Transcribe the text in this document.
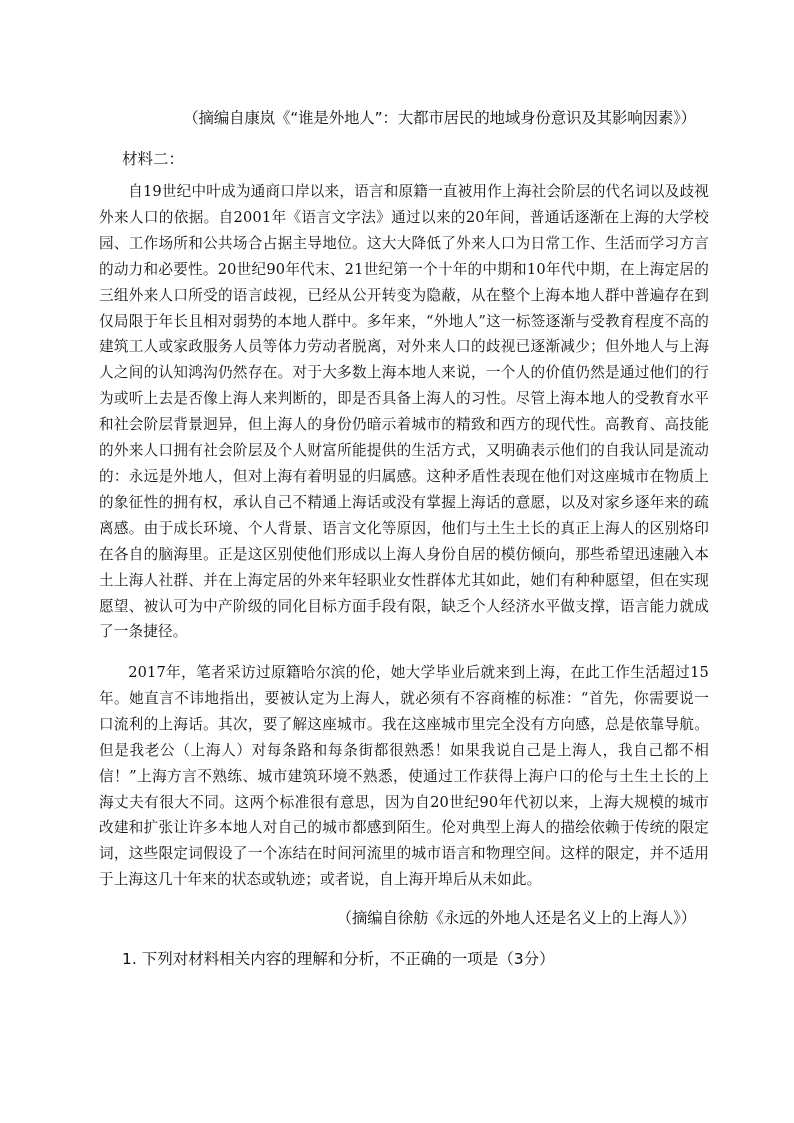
（摘编自康岚《“谁是外地人”：大都市居民的地域身份意识及其影响因素》）
材料二：

自19世纪中叶成为通商口岸以来，语言和原籍一直被用作上海社会阶层的代名词以及歧视外来人口的依据。自2001年《语言文字法》通过以来的20年间，普通话逐渐在上海的大学校园、工作场所和公共场合占据主导地位。这大大降低了外来人口为日常工作、生活而学习方言的动力和必要性。20世纪90年代末、21世纪第一个十年的中期和10年代中期，在上海定居的三组外来人口所受的语言歧视，已经从公开转变为隐蔽，从在整个上海本地人群中普遍存在到仅局限于年长且相对弱势的本地人群中。多年来，“外地人”这一标签逐渐与受教育程度不高的建筑工人或家政服务人员等体力劳动者脱离，对外来人口的歧视已逐渐减少；但外地人与上海人之间的认知鸿沟仍然存在。对于大多数上海本地人来说，一个人的价值仍然是通过他们的行为或听上去是否像上海人来判断的，即是否具备上海人的习性。尽管上海本地人的受教育水平和社会阶层背景迥异，但上海人的身份仍暗示着城市的精致和西方的现代性。高教育、高技能的外来人口拥有社会阶层及个人财富所能提供的生活方式，又明确表示他们的自我认同是流动的：永远是外地人，但对上海有着明显的归属感。这种矛盾性表现在他们对这座城市在物质上的象征性的拥有权，承认自己不精通上海话或没有掌握上海话的意愿，以及对家乡逐年来的疏离感。由于成长环境、个人背景、语言文化等原因，他们与土生土长的真正上海人的区别烙印在各自的脑海里。正是这区别使他们形成以上海人身份自居的模仿倾向，那些希望迅速融入本土上海人社群、并在上海定居的外来年轻职业女性群体尤其如此，她们有种种愿望，但在实现愿望、被认可为中产阶级的同化目标方面手段有限，缺乏个人经济水平做支撑，语言能力就成了一条捷径。

2017年，笔者采访过原籍哈尔滨的伦，她大学毕业后就来到上海，在此工作生活超过15年。她直言不讳地指出，要被认定为上海人，就必须有不容商榷的标准：“首先，你需要说一口流利的上海话。其次，要了解这座城市。我在这座城市里完全没有方向感，总是依靠导航。但是我老公（上海人）对每条路和每条街都很熟悉！如果我说自己是上海人，我自己都不相信！”上海方言不熟练、城市建筑环境不熟悉，使通过工作获得上海户口的伦与土生土长的上海丈夫有很大不同。这两个标准很有意思，因为自20世纪90年代初以来，上海大规模的城市改建和扩张让许多本地人对自己的城市都感到陌生。伦对典型上海人的描绘依赖于传统的限定词，这些限定词假设了一个冻结在时间河流里的城市语言和物理空间。这样的限定，并不适用于上海这几十年来的状态或轨迹；或者说，自上海开埠后从未如此。

（摘编自徐舫《永远的外地人还是名义上的上海人》）
1. 下列对材料相关内容的理解和分析，不正确的一项是（3分）
